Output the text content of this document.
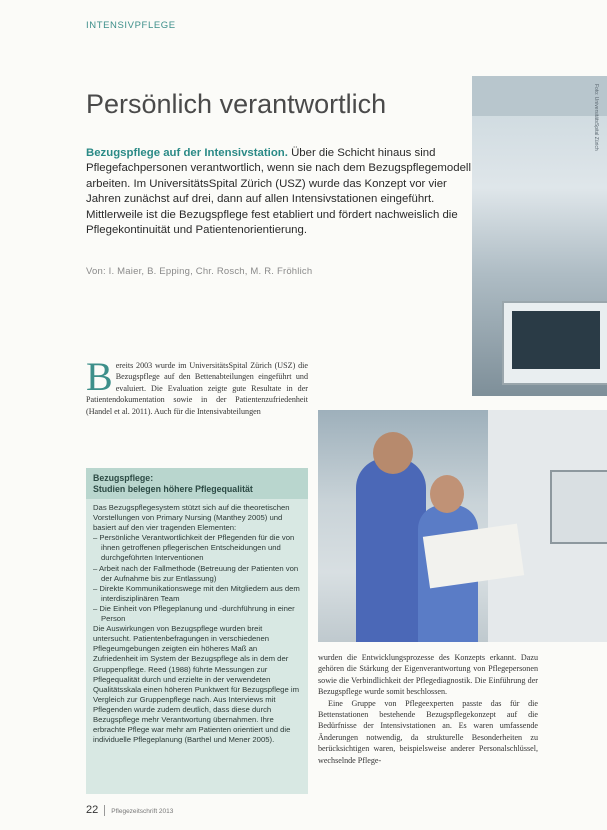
INTENSIVPFLEGE
Persönlich verantwortlich
Bezugspflege auf der Intensivstation. Über die Schicht hinaus sind Pflegefachpersonen verantwortlich, wenn sie nach dem Bezugspflegemodell arbeiten. Im UniversitätsSpital Zürich (USZ) wurde das Konzept vor vier Jahren zunächst auf drei, dann auf allen Intensivstationen eingeführt. Mittlerweile ist die Bezugspflege fest etabliert und fördert nachweislich die Pflegekontinuität und Patientenorientierung.
Von: I. Maier, B. Epping, Chr. Rosch, M. R. Fröhlich
Foto: UniversitätsSpital Zürich
Bereits 2003 wurde im UniversitätsSpital Zürich (USZ) die Bezugspflege auf den Bettenabteilungen eingeführt und evaluiert. Die Evaluation zeigte gute Resultate in der Patientendokumentation sowie in der Patientenzufriedenheit (Handel et al. 2011). Auch für die Intensivabteilungen
Bezugspflege:
Studien belegen höhere Pflegequalität

Das Bezugspflegesystem stützt sich auf die theoretischen Vorstellungen von Primary Nursing (Manthey 2005) und basiert auf den vier tragenden Elementen:

– Persönliche Verantwortlichkeit der Pflegenden für die von ihnen getroffenen pflegerischen Entscheidungen und durchgeführten Interventionen
– Arbeit nach der Fallmethode (Betreuung der Patienten von der Aufnahme bis zur Entlassung)
– Direkte Kommunikationswege mit den Mitgliedern aus dem interdisziplinären Team
– Die Einheit von Pflegeplanung und -durchführung in einer Person

Die Auswirkungen von Bezugspflege wurden breit untersucht. Patientenbefragungen in verschiedenen Pflegeumgebungen zeigten ein höheres Maß an Zufriedenheit im System der Bezugspflege als in dem der Gruppenpflege. Reed (1988) führte Messungen zur Pflegequalität durch und erzielte in der verwendeten Qualitätsskala einen höheren Punktwert für Bezugspflege im Vergleich zur Gruppenpflege nach. Aus Interviews mit Pflegenden wurde zudem deutlich, dass diese durch Bezugspflege mehr Verantwortung übernahmen. Ihre erbrachte Pflege war mehr am Patienten orientiert und die individuelle Pflegeplanung (Barthel und Mener 2005).

wurden die Entwicklungsprozesse des Konzepts erkannt. Dazu gehören die Stärkung der Eigenverantwortung von Pflegepersonen sowie die Verbindlichkeit der Pflegediagnostik. Die Einführung der Bezugspflege wurde somit beschlossen.

Eine Gruppe von Pflegeexperten passte das für die Bettenstationen bestehende Bezugspflegekonzept auf die Bedürfnisse der Intensivstationen an. Es waren umfassende Änderungen notwendig, da strukturelle Besonderheiten zu berücksichtigen waren, beispielsweise anderer Personalschlüssel, wechselnde Pflege-

22 Pflegezeitschrift 2013
